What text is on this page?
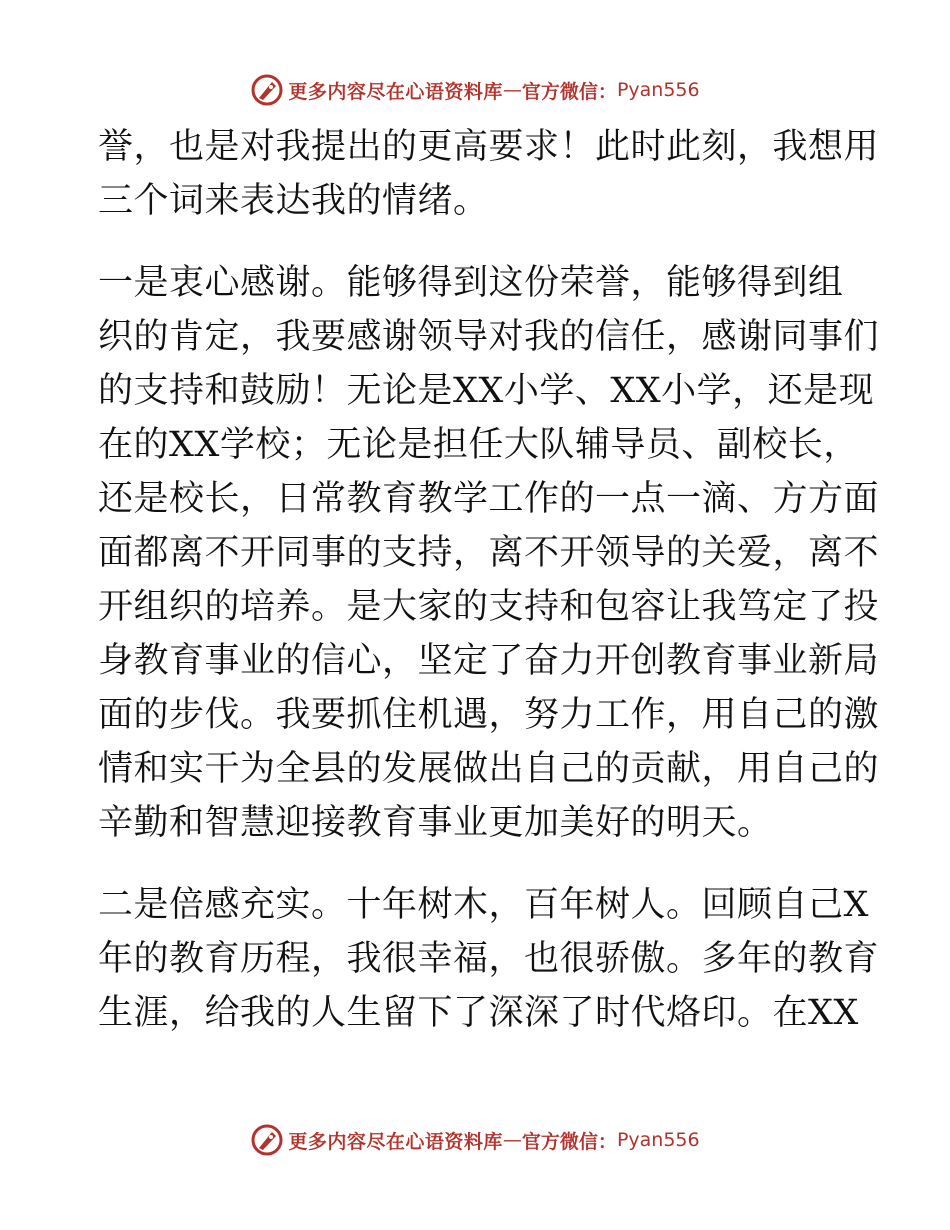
更多内容尽在心语资料库 — 官方微信： Pyan556
誉，也是对我提出的更高要求！此时此刻，我想用
三个词来表达我的情绪。
一是衷心感谢。能够得到这份荣誉，能够得到组
织的肯定，我要感谢领导对我的信任，感谢同事们
的支持和鼓励！无论是XX小学、XX小学，还是现
在的XX学校；无论是担任大队辅导员、副校长，
还是校长，日常教育教学工作的一点一滴、方方面
面都离不开同事的支持，离不开领导的关爱，离不
开组织的培养。是大家的支持和包容让我笃定了投
身教育事业的信心，坚定了奋力开创教育事业新局
面的步伐。我要抓住机遇，努力工作，用自己的激
情和实干为全县的发展做出自己的贡献，用自己的
辛勤和智慧迎接教育事业更加美好的明天。
二是倍感充实。十年树木，百年树人。回顾自己X
年的教育历程，我很幸福，也很骄傲。多年的教育
生涯，给我的人生留下了深深了时代烙印。在XX
更多内容尽在心语资料库 — 官方微信： Pyan556
